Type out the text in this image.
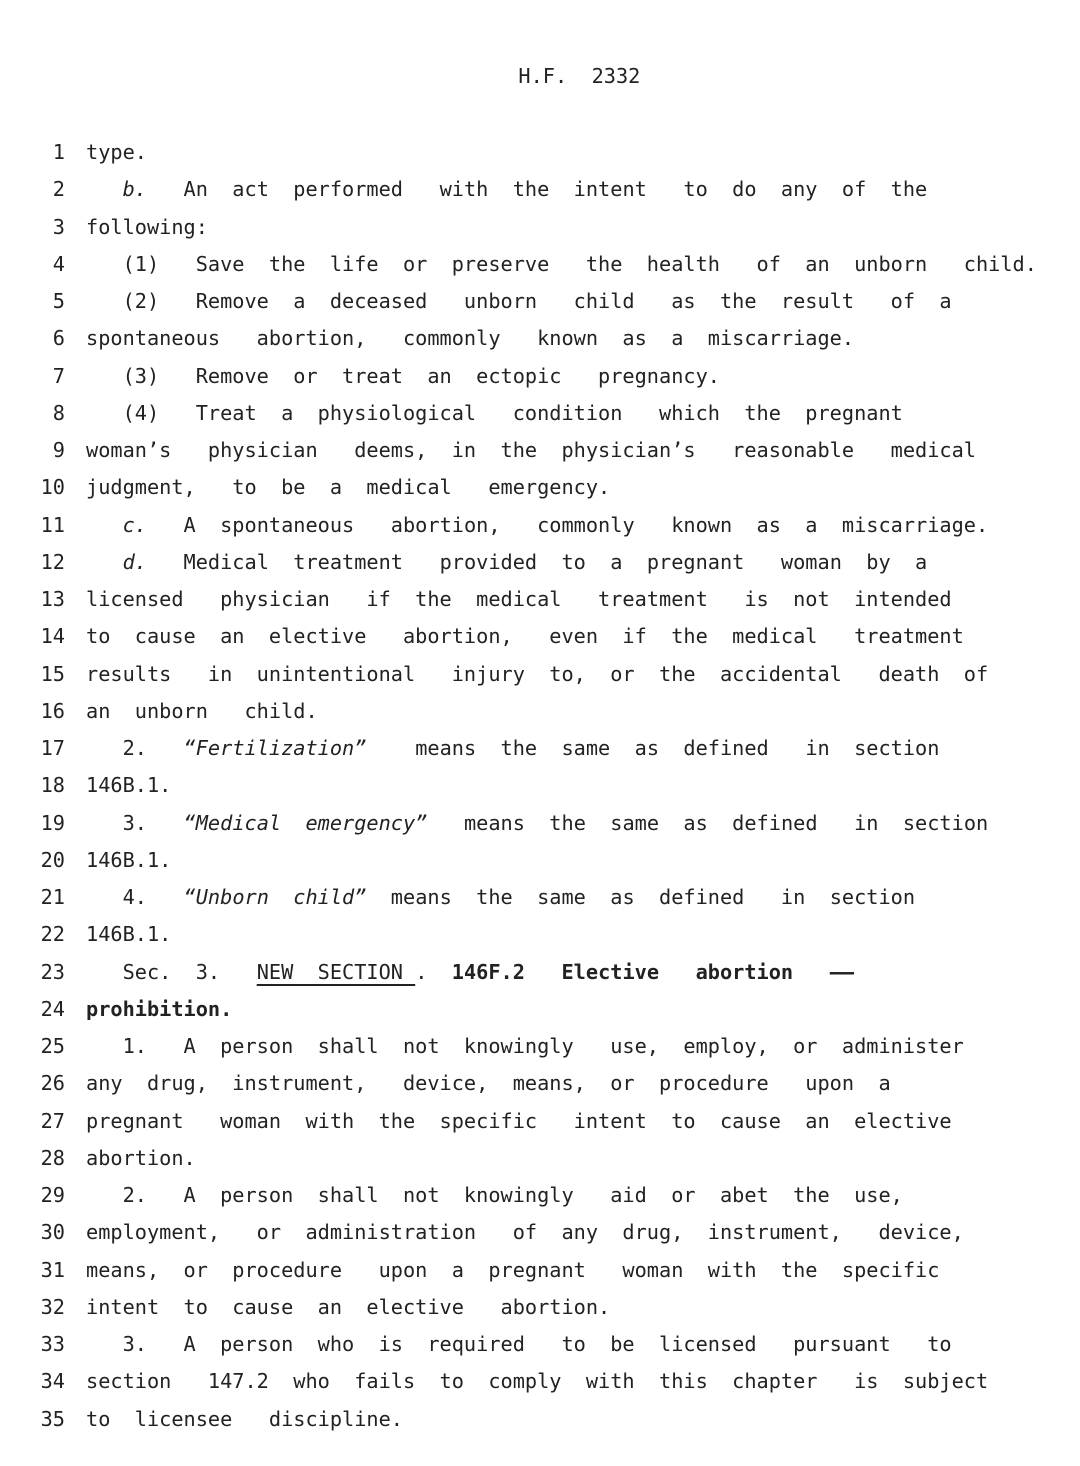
H.F.  2332

1 type.
2	b.   An  act  performed   with  the  intent   to  do  any  of  the
3 following:
4 (1)   Save  the  life  or  preserve   the  health   of  an  unborn   child.
5 (2)   Remove  a  deceased   unborn   child   as  the  result   of  a
6 spontaneous   abortion,   commonly   known  as  a  miscarriage.
7 (3)   Remove  or  treat  an  ectopic   pregnancy.
8 (4)   Treat  a  physiological   condition   which  the  pregnant
9 woman’s   physician   deems,  in  the  physician’s   reasonable   medical
10 judgment,   to  be  a  medical   emergency.
11	c.   A  spontaneous   abortion,   commonly   known  as  a  miscarriage.
12	d.   Medical  treatment   provided  to  a  pregnant   woman  by  a
13 licensed   physician   if  the  medical   treatment   is  not  intended
14 to  cause  an  elective   abortion,   even  if  the  medical   treatment
15 results   in  unintentional   injury  to,  or  the  accidental   death  of
16 an  unborn   child.
17 2.   “Fertilization”    means  the  same  as  defined   in  section
18 146B.1.
19 3.   “Medical  emergency”   means  the  same  as  defined   in  section
20 146B.1.
21 4.   “Unborn  child”  means  the  same  as  defined   in  section
22 146B.1.
23 Sec.  3.   NEW  SECTION .  146F.2   Elective   abortion   ——
24 prohibition.
25 1.   A  person  shall  not  knowingly   use,  employ,  or  administer
26 any  drug,  instrument,   device,  means,  or  procedure   upon  a
27 pregnant   woman  with  the  specific   intent  to  cause  an  elective
28 abortion.
29 2.   A  person  shall  not  knowingly   aid  or  abet  the  use,
30 employment,   or  administration   of  any  drug,  instrument,   device,
31 means,  or  procedure   upon  a  pregnant   woman  with  the  specific
32 intent  to  cause  an  elective   abortion.
33 3.   A  person  who  is  required   to  be  licensed   pursuant   to
34 section   147.2  who  fails  to  comply  with  this  chapter   is  subject
35 to  licensee   discipline.
